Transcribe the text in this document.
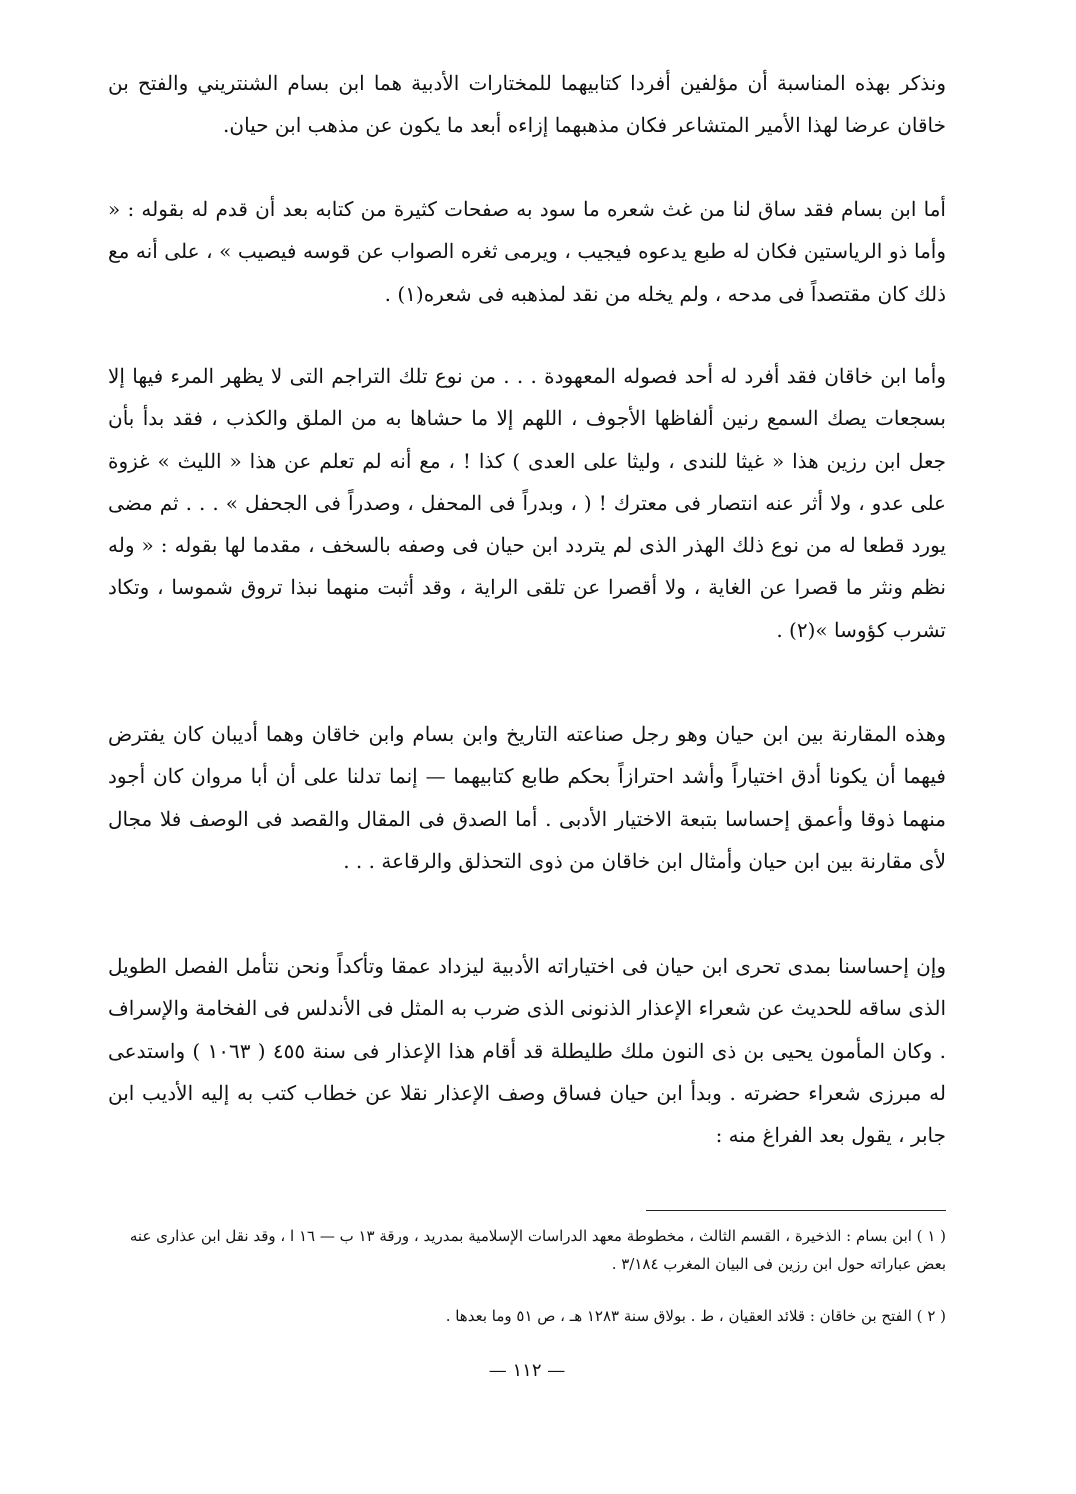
ونذكر بهذه المناسبة أن مؤلفين أفردا كتابيهما للمختارات الأدبية هما ابن بسام الشنتريني والفتح بن خاقان عرضا لهذا الأمير المتشاعر فكان مذهبهما إزاءه أبعد ما يكون عن مذهب ابن حيان.

أما ابن بسام فقد ساق لنا من غث شعره ما سود به صفحات كثيرة من كتابه بعد أن قدم له بقوله : « وأما ذو الرياستين فكان له طبع يدعوه فيجيب ، ويرمى ثغره الصواب عن قوسه فيصيب » ، على أنه مع ذلك كان مقتصداً فى مدحه ، ولم يخله من نقد لمذهبه فى شعره(١) .

وأما ابن خاقان فقد أفرد له أحد فصوله المعهودة . . . من نوع تلك التراجم التى لا يظهر المرء فيها إلا بسجعات يصك السمع رنين ألفاظها الأجوف ، اللهم إلا ما حشاها به من الملق والكذب ، فقد بدأ بأن جعل ابن رزين هذا « غيثا للندى ، وليثا على العدى ) كذا ! ، مع أنه لم تعلم عن هذا « الليث » غزوة على عدو ، ولا أثر عنه انتصار فى معترك ! ( ، وبدراً فى المحفل ، وصدراً فى الجحفل » . . . ثم مضى يورد قطعا له من نوع ذلك الهذر الذى لم يتردد ابن حيان فى وصفه بالسخف ، مقدما لها بقوله : « وله نظم ونثر ما قصرا عن الغاية ، ولا أقصرا عن تلقى الراية ، وقد أثبت منهما نبذا تروق شموسا ، وتكاد تشرب كؤوسا »(٢) .

وهذه المقارنة بين ابن حيان وهو رجل صناعته التاريخ وابن بسام وابن خاقان وهما أديبان كان يفترض فيهما أن يكونا أدق اختياراً وأشد احترازاً بحكم طابع كتابيهما — إنما تدلنا على أن أبا مروان كان أجود منهما ذوقا وأعمق إحساسا بتبعة الاختيار الأدبى . أما الصدق فى المقال والقصد فى الوصف فلا مجال لأى مقارنة بين ابن حيان وأمثال ابن خاقان من ذوى التحذلق والرقاعة . . .

وإن إحساسنا بمدى تحرى ابن حيان فى اختياراته الأدبية ليزداد عمقا وتأكداً ونحن نتأمل الفصل الطويل الذى ساقه للحديث عن شعراء الإعذار الذنونى الذى ضرب به المثل فى الأندلس فى الفخامة والإسراف . وكان المأمون يحيى بن ذى النون ملك طليطلة قد أقام هذا الإعذار فى سنة ٤٥٥ ( ١٠٦٣ ) واستدعى له مبرزى شعراء حضرته . وبدأ ابن حيان فساق وصف الإعذار نقلا عن خطاب كتب به إليه الأديب ابن جابر ، يقول بعد الفراغ منه :

( ١ ) ابن بسام : الذخيرة ، القسم الثالث ، مخطوطة معهد الدراسات الإسلامية بمدريد ، ورقة ١٣ ب — ١٦ ا ، وقد نقل ابن عذارى عنه بعض عباراته حول ابن رزين فى البيان المغرب ٣/١٨٤ .

( ٢ ) الفتح بن خاقان : قلائد العقيان ، ط . بولاق سنة ١٢٨٣ هـ ، ص ٥١ وما بعدها .

— ١١٢ —
